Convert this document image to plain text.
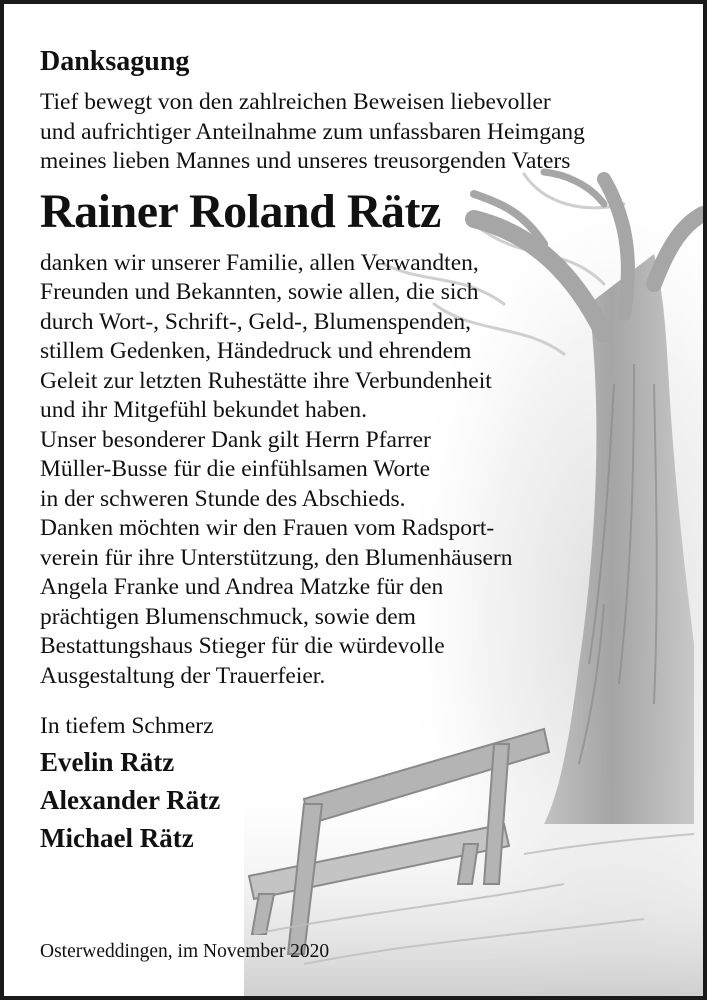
Danksagung

Tief bewegt von den zahlreichen Beweisen liebevoller

und aufrichtiger Anteilnahme zum unfassbaren Heimgang

meines lieben Mannes und unseres treusorgenden Vaters

Rainer Roland Rätz

danken wir unserer Familie, allen Verwandten,

Freunden und Bekannten, sowie allen, die sich

durch Wort-, Schrift-, Geld-, Blumenspenden,

stillem Gedenken, Händedruck und ehrendem

Geleit zur letzten Ruhestätte ihre Verbundenheit

und ihr Mitgefühl bekundet haben.

Unser besonderer Dank gilt Herrn Pfarrer

Müller-Busse für die einfühlsamen Worte

in der schweren Stunde des Abschieds.

Danken möchten wir den Frauen vom Radsport-

verein für ihre Unterstützung, den Blumenhäusern

Angela Franke und Andrea Matzke für den

prächtigen Blumenschmuck, sowie dem

Bestattungshaus Stieger für die würdevolle

Ausgestaltung der Trauerfeier.

In tiefem Schmerz
Evelin Rätz
Alexander Rätz
Michael Rätz
Osterweddingen, im November 2020
